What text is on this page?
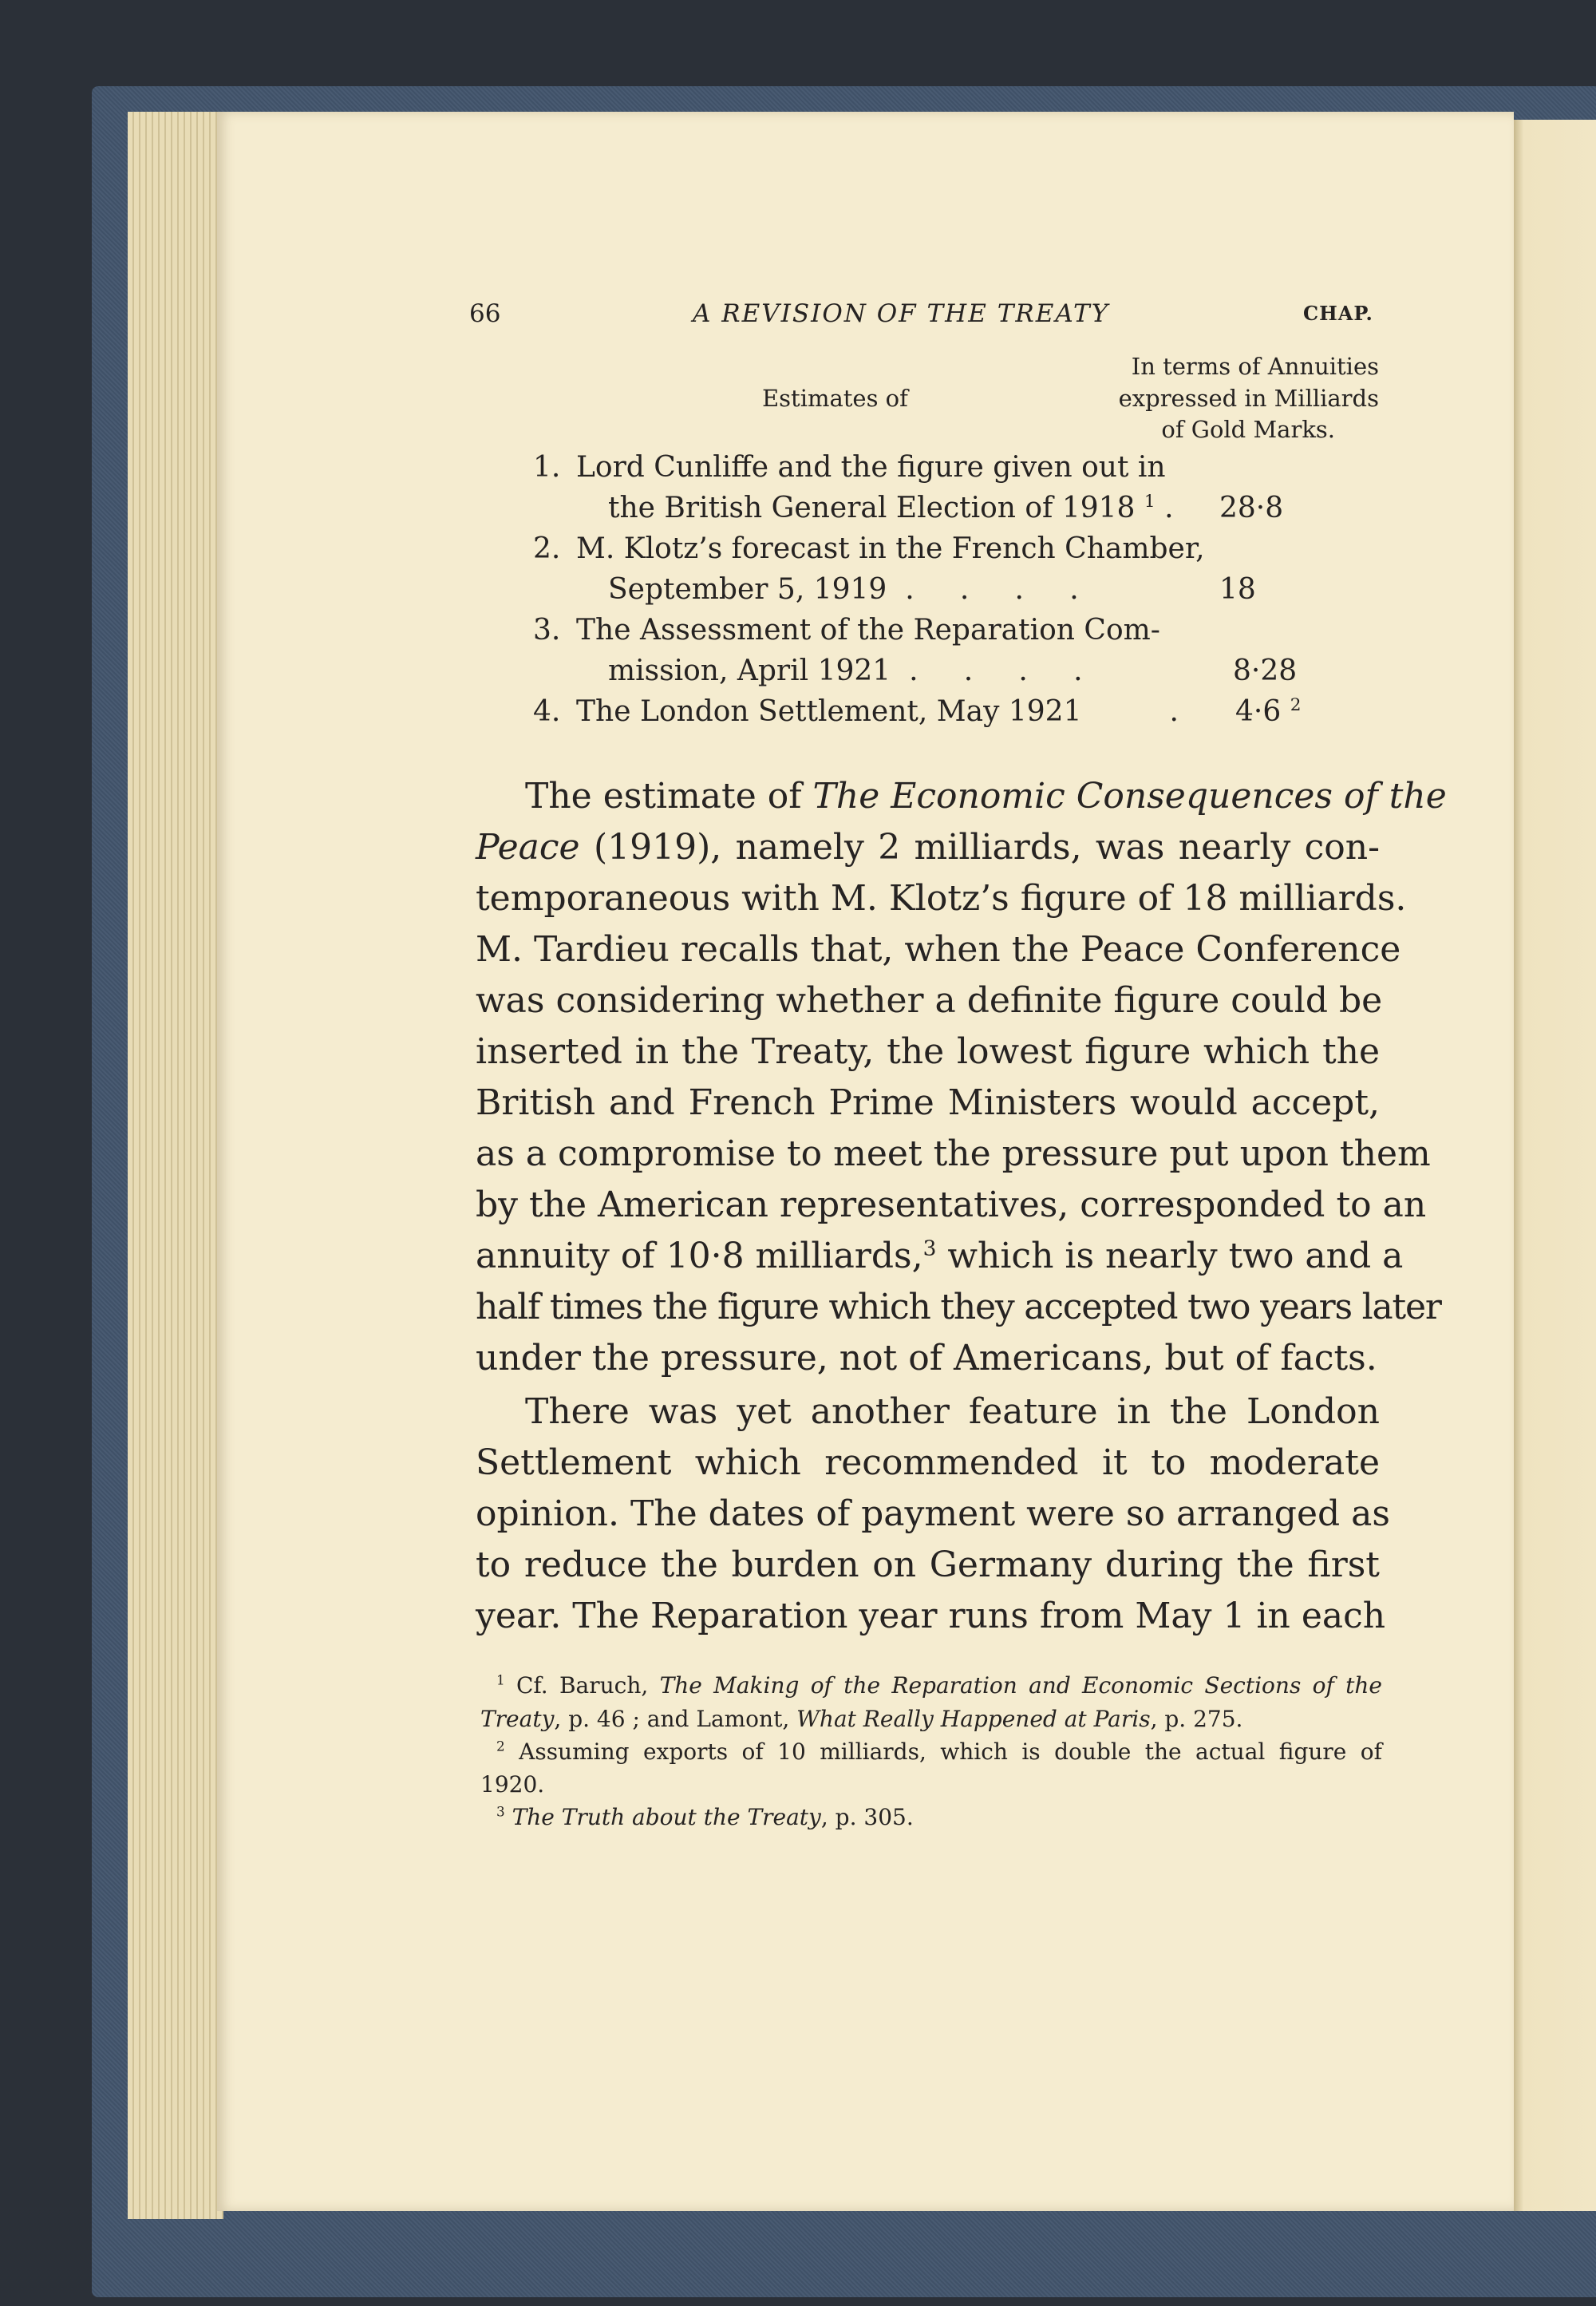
66	A REVISION OF THE TREATY	CHAP.

In terms of Annuities

expressed in Milliards

of Gold Marks.

Estimates of

1. Lord Cunliffe and the figure given out in

the British General Election of 1918 $^1$ . 28·8

2. M. Klotz’s forecast in the French Chamber,

September 5, 1919 .     .     .     .	18

3. The Assessment of the Reparation Com-

mission, April 1921 .     .     .     .	8·28

4. The London Settlement, May 1921	. 4·6 $^2$

The estimate of The Economic Consequences of the

Peace (1919), namely 2 milliards, was nearly con-

temporaneous with M. Klotz’s figure of 18 milliards.

M. Tardieu recalls that, when the Peace Conference

was considering whether a definite figure could be

inserted in the Treaty, the lowest figure which the

British and French Prime Ministers would accept,

as a compromise to meet the pressure put upon them

by the American representatives, corresponded to an

annuity of 10·8 milliards,$^3$ which is nearly two and a

half times the figure which they accepted two years later

under the pressure, not of Americans, but of facts.

There was yet another feature in the London

Settlement which recommended it to moderate

opinion. The dates of payment were so arranged as

to reduce the burden on Germany during the first

year. The Reparation year runs from May 1 in each

$^1$ Cf. Baruch, The Making of the Reparation and Economic Sections of the

Treaty, p. 46 ; and Lamont, What Really Happened at Paris, p. 275.

$^2$ Assuming exports of 10 milliards, which is double the actual figure of

1920.

$^3$ The Truth about the Treaty, p. 305.
